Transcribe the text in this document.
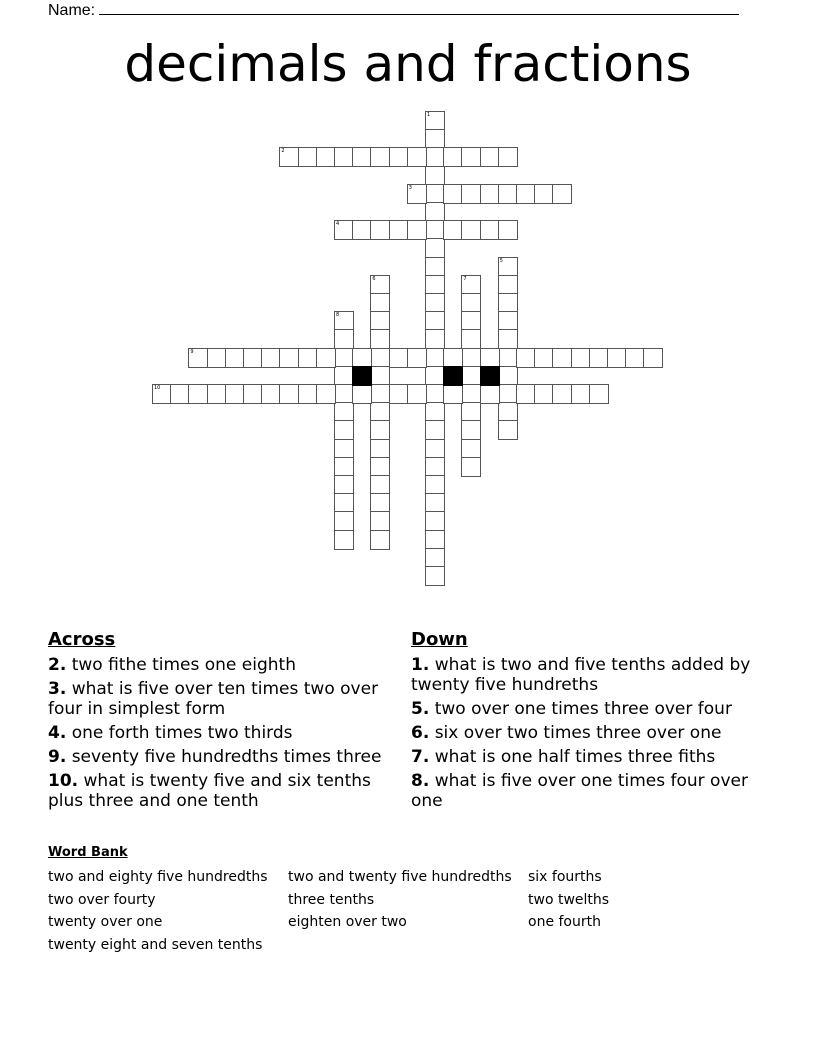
Name:
decimals and fractions
1
2
3
4
5
6	7
8
9
10
Across
2. two fithe times one eighth
3. what is five over ten times two over four in simplest form
4. one forth times two thirds
9. seventy five hundredths times three
10. what is twenty five and six tenths plus three and one tenth
Down
1. what is two and five tenths added by twenty five hundreths
5. two over one times three over four
6. six over two times three over one
7. what is one half times three fiths
8. what is five over one times four over one
Word Bank
two and eighty five hundredths
two over fourty
twenty over one
twenty eight and seven tenths
two and twenty five hundredths
three tenths
eighten over two
six fourths
two twelths
one fourth
